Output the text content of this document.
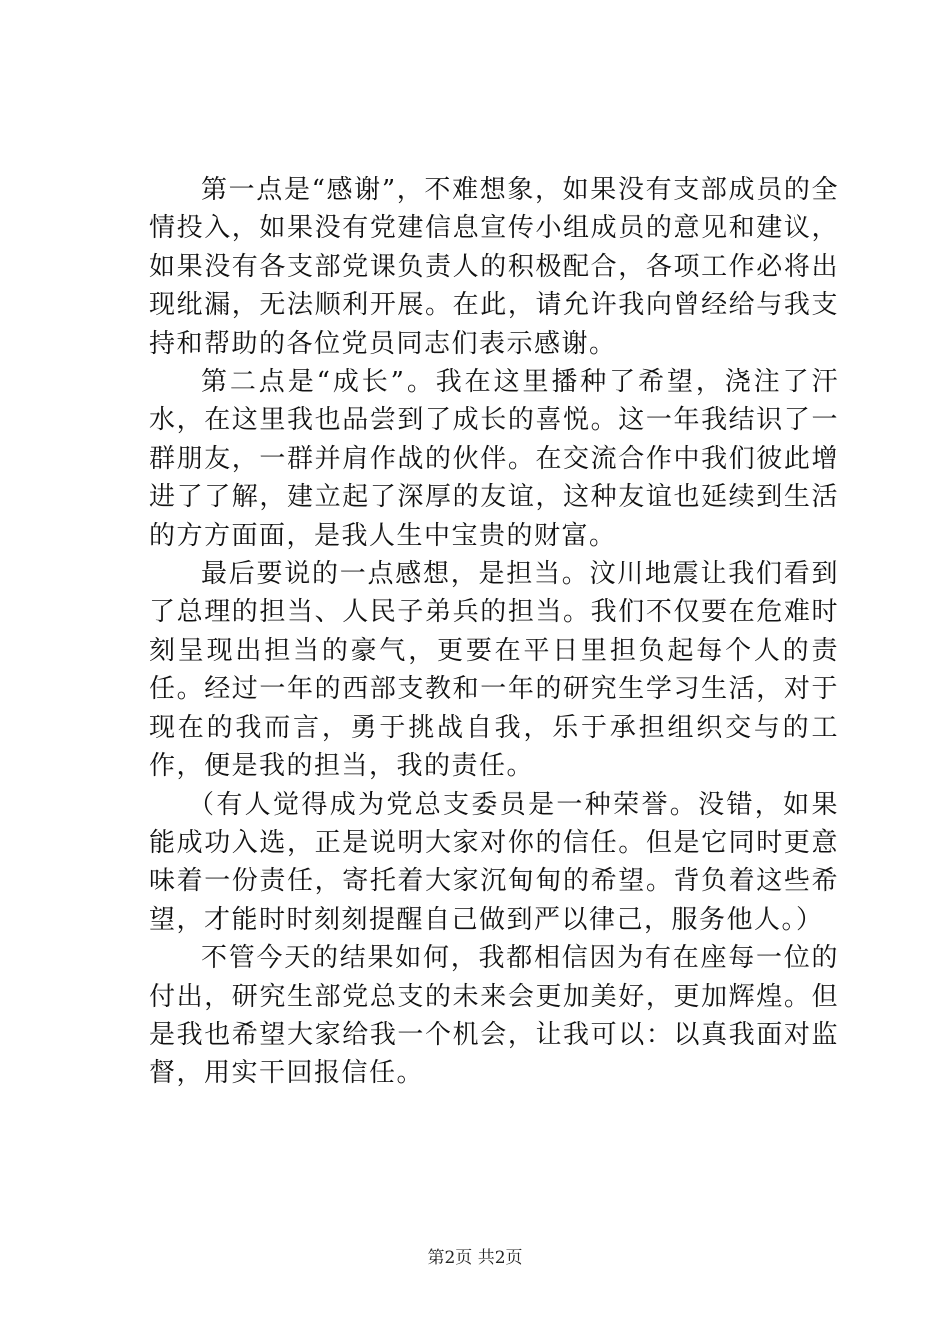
第一点是“感谢”，不难想象，如果没有支部成员的全情投入，如果没有党建信息宣传小组成员的意见和建议，如果没有各支部党课负责人的积极配合，各项工作必将出现纰漏，无法顺利开展。在此，请允许我向曾经给与我支持和帮助的各位党员同志们表示感谢。

第二点是“成长”。我在这里播种了希望，浇注了汗水，在这里我也品尝到了成长的喜悦。这一年我结识了一群朋友，一群并肩作战的伙伴。在交流合作中我们彼此增进了了解，建立起了深厚的友谊，这种友谊也延续到生活的方方面面，是我人生中宝贵的财富。

最后要说的一点感想，是担当。汶川地震让我们看到了总理的担当、人民子弟兵的担当。我们不仅要在危难时刻呈现出担当的豪气，更要在平日里担负起每个人的责任。经过一年的西部支教和一年的研究生学习生活，对于现在的我而言，勇于挑战自我，乐于承担组织交与的工作，便是我的担当，我的责任。

（有人觉得成为党总支委员是一种荣誉。没错，如果能成功入选，正是说明大家对你的信任。但是它同时更意味着一份责任，寄托着大家沉甸甸的希望。背负着这些希望，才能时时刻刻提醒自己做到严以律己，服务他人。）

不管今天的结果如何，我都相信因为有在座每一位的付出，研究生部党总支的未来会更加美好，更加辉煌。但是我也希望大家给我一个机会，让我可以：以真我面对监督，用实干回报信任。

第2页 共2页
